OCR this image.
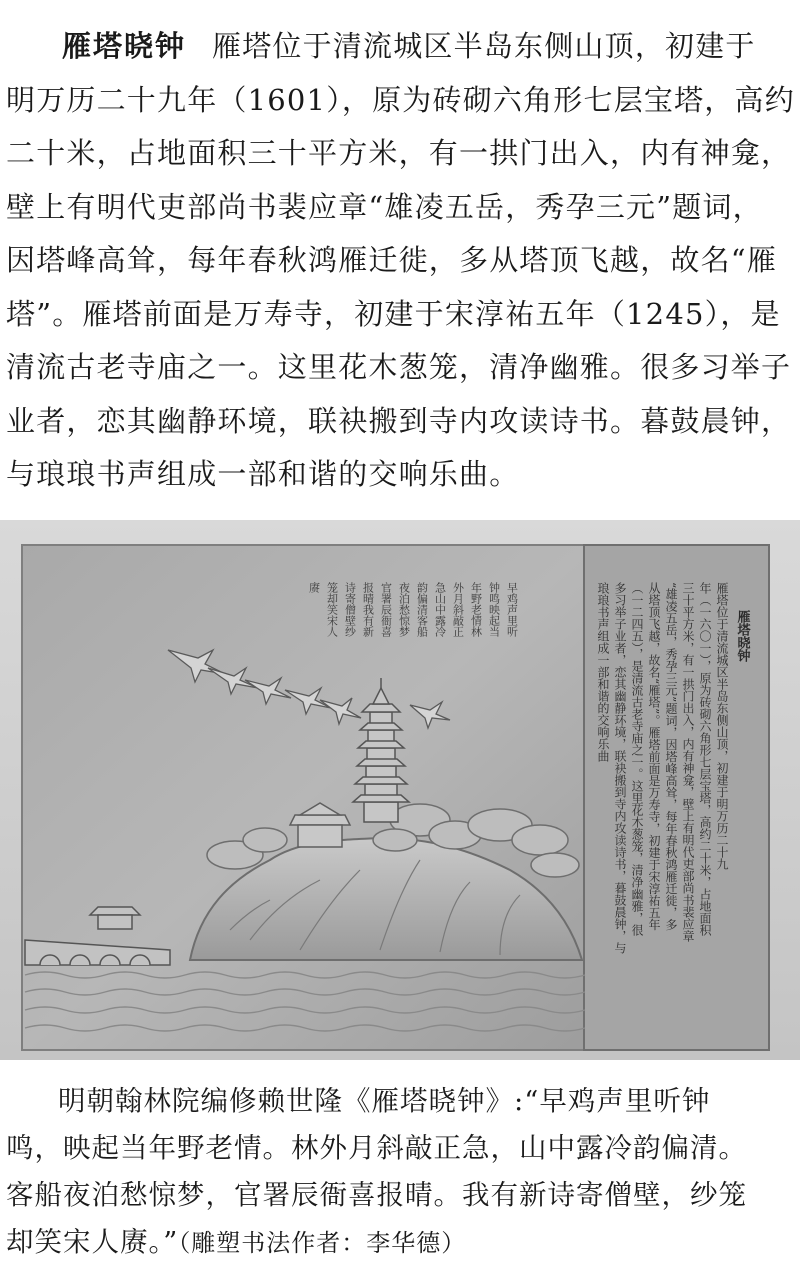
雁塔晓钟 雁塔位于清流城区半岛东侧山顶，初建于
明万历二十九年（1601），原为砖砌六角形七层宝塔，高约
二十米，占地面积三十平方米，有一拱门出入，内有神龛，
壁上有明代吏部尚书裴应章“雄凌五岳，秀孕三元”题词，
因塔峰高耸，每年春秋鸿雁迁徙，多从塔顶飞越，故名“雁
塔”。雁塔前面是万寿寺，初建于宋淳祐五年（1245），是
清流古老寺庙之一。这里花木葱笼，清净幽雅。很多习举子
业者，恋其幽静环境，联袂搬到寺内攻读诗书。暮鼓晨钟，
与琅琅书声组成一部和谐的交响乐曲。
早鸡声里听
钟鸣映起当
年野老情林
外月斜敲正
急山中露冷
韵偏清客船
夜泊愁惊梦
官署辰衙喜
报晴我有新
诗寄僧壁纱
笼却笑宋人
赓
雁塔晓钟
雁塔位于清流城区半岛东侧山顶，初建于明万历二十九
年（一六〇一），原为砖砌六角形七层宝塔，高约二十米，占地面积
三十平方米，有一拱门出入，内有神龛，壁上有明代吏部尚书裴应章
“雄凌五岳，秀孕三元”题词，因塔峰高耸，每年春秋鸿雁迁徙，多
从塔顶飞越，故名“雁塔”。雁塔前面是万寿寺，初建于宋淳祐五年
（一二四五），是清流古老寺庙之一。这里花木葱笼，清净幽雅，很
多习举子业者，恋其幽静环境，联袂搬到寺内攻读诗书，暮鼓晨钟，与
琅琅书声组成一部和谐的交响乐曲
明朝翰林院编修赖世隆《雁塔晓钟》:“早鸡声里听钟
鸣，映起当年野老情。林外月斜敲正急，山中露冷韵偏清。
客船夜泊愁惊梦，官署辰衙喜报晴。我有新诗寄僧壁，纱笼
却笑宋人赓。”（雕塑书法作者：李华德）
